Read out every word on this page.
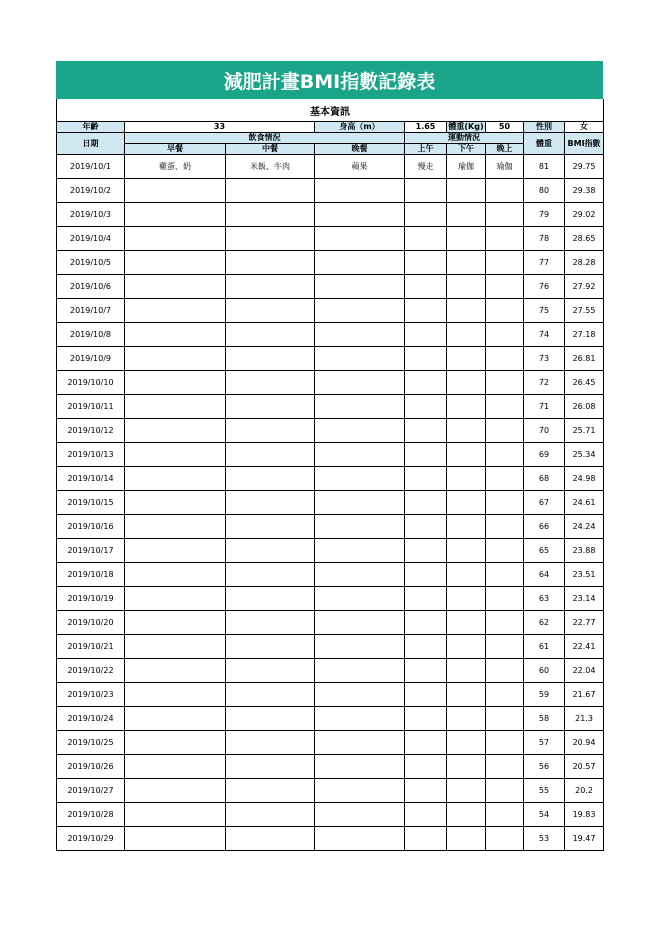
減肥計畫BMI指數記錄表
基本資訊								
年齡	33		身高（m）	1.65	體重(Kg)	50	性別	女
日期	飲食情況			運動情況			體重	BMI指數
	早餐	中餐	晚餐	上午	下午	晚上		
2019/10/1	雞蛋、奶	米飯、牛肉	蘋果	慢走	瑜伽	瑜伽	81	29.75
2019/10/2							80	29.38
2019/10/3							79	29.02
2019/10/4							78	28.65
2019/10/5							77	28.28
2019/10/6							76	27.92
2019/10/7							75	27.55
2019/10/8							74	27.18
2019/10/9							73	26.81
2019/10/10							72	26.45
2019/10/11							71	26.08
2019/10/12							70	25.71
2019/10/13							69	25.34
2019/10/14							68	24.98
2019/10/15							67	24.61
2019/10/16							66	24.24
2019/10/17							65	23.88
2019/10/18							64	23.51
2019/10/19							63	23.14
2019/10/20							62	22.77
2019/10/21							61	22.41
2019/10/22							60	22.04
2019/10/23							59	21.67
2019/10/24							58	21.3
2019/10/25							57	20.94
2019/10/26							56	20.57
2019/10/27							55	20.2
2019/10/28							54	19.83
2019/10/29							53	19.47
